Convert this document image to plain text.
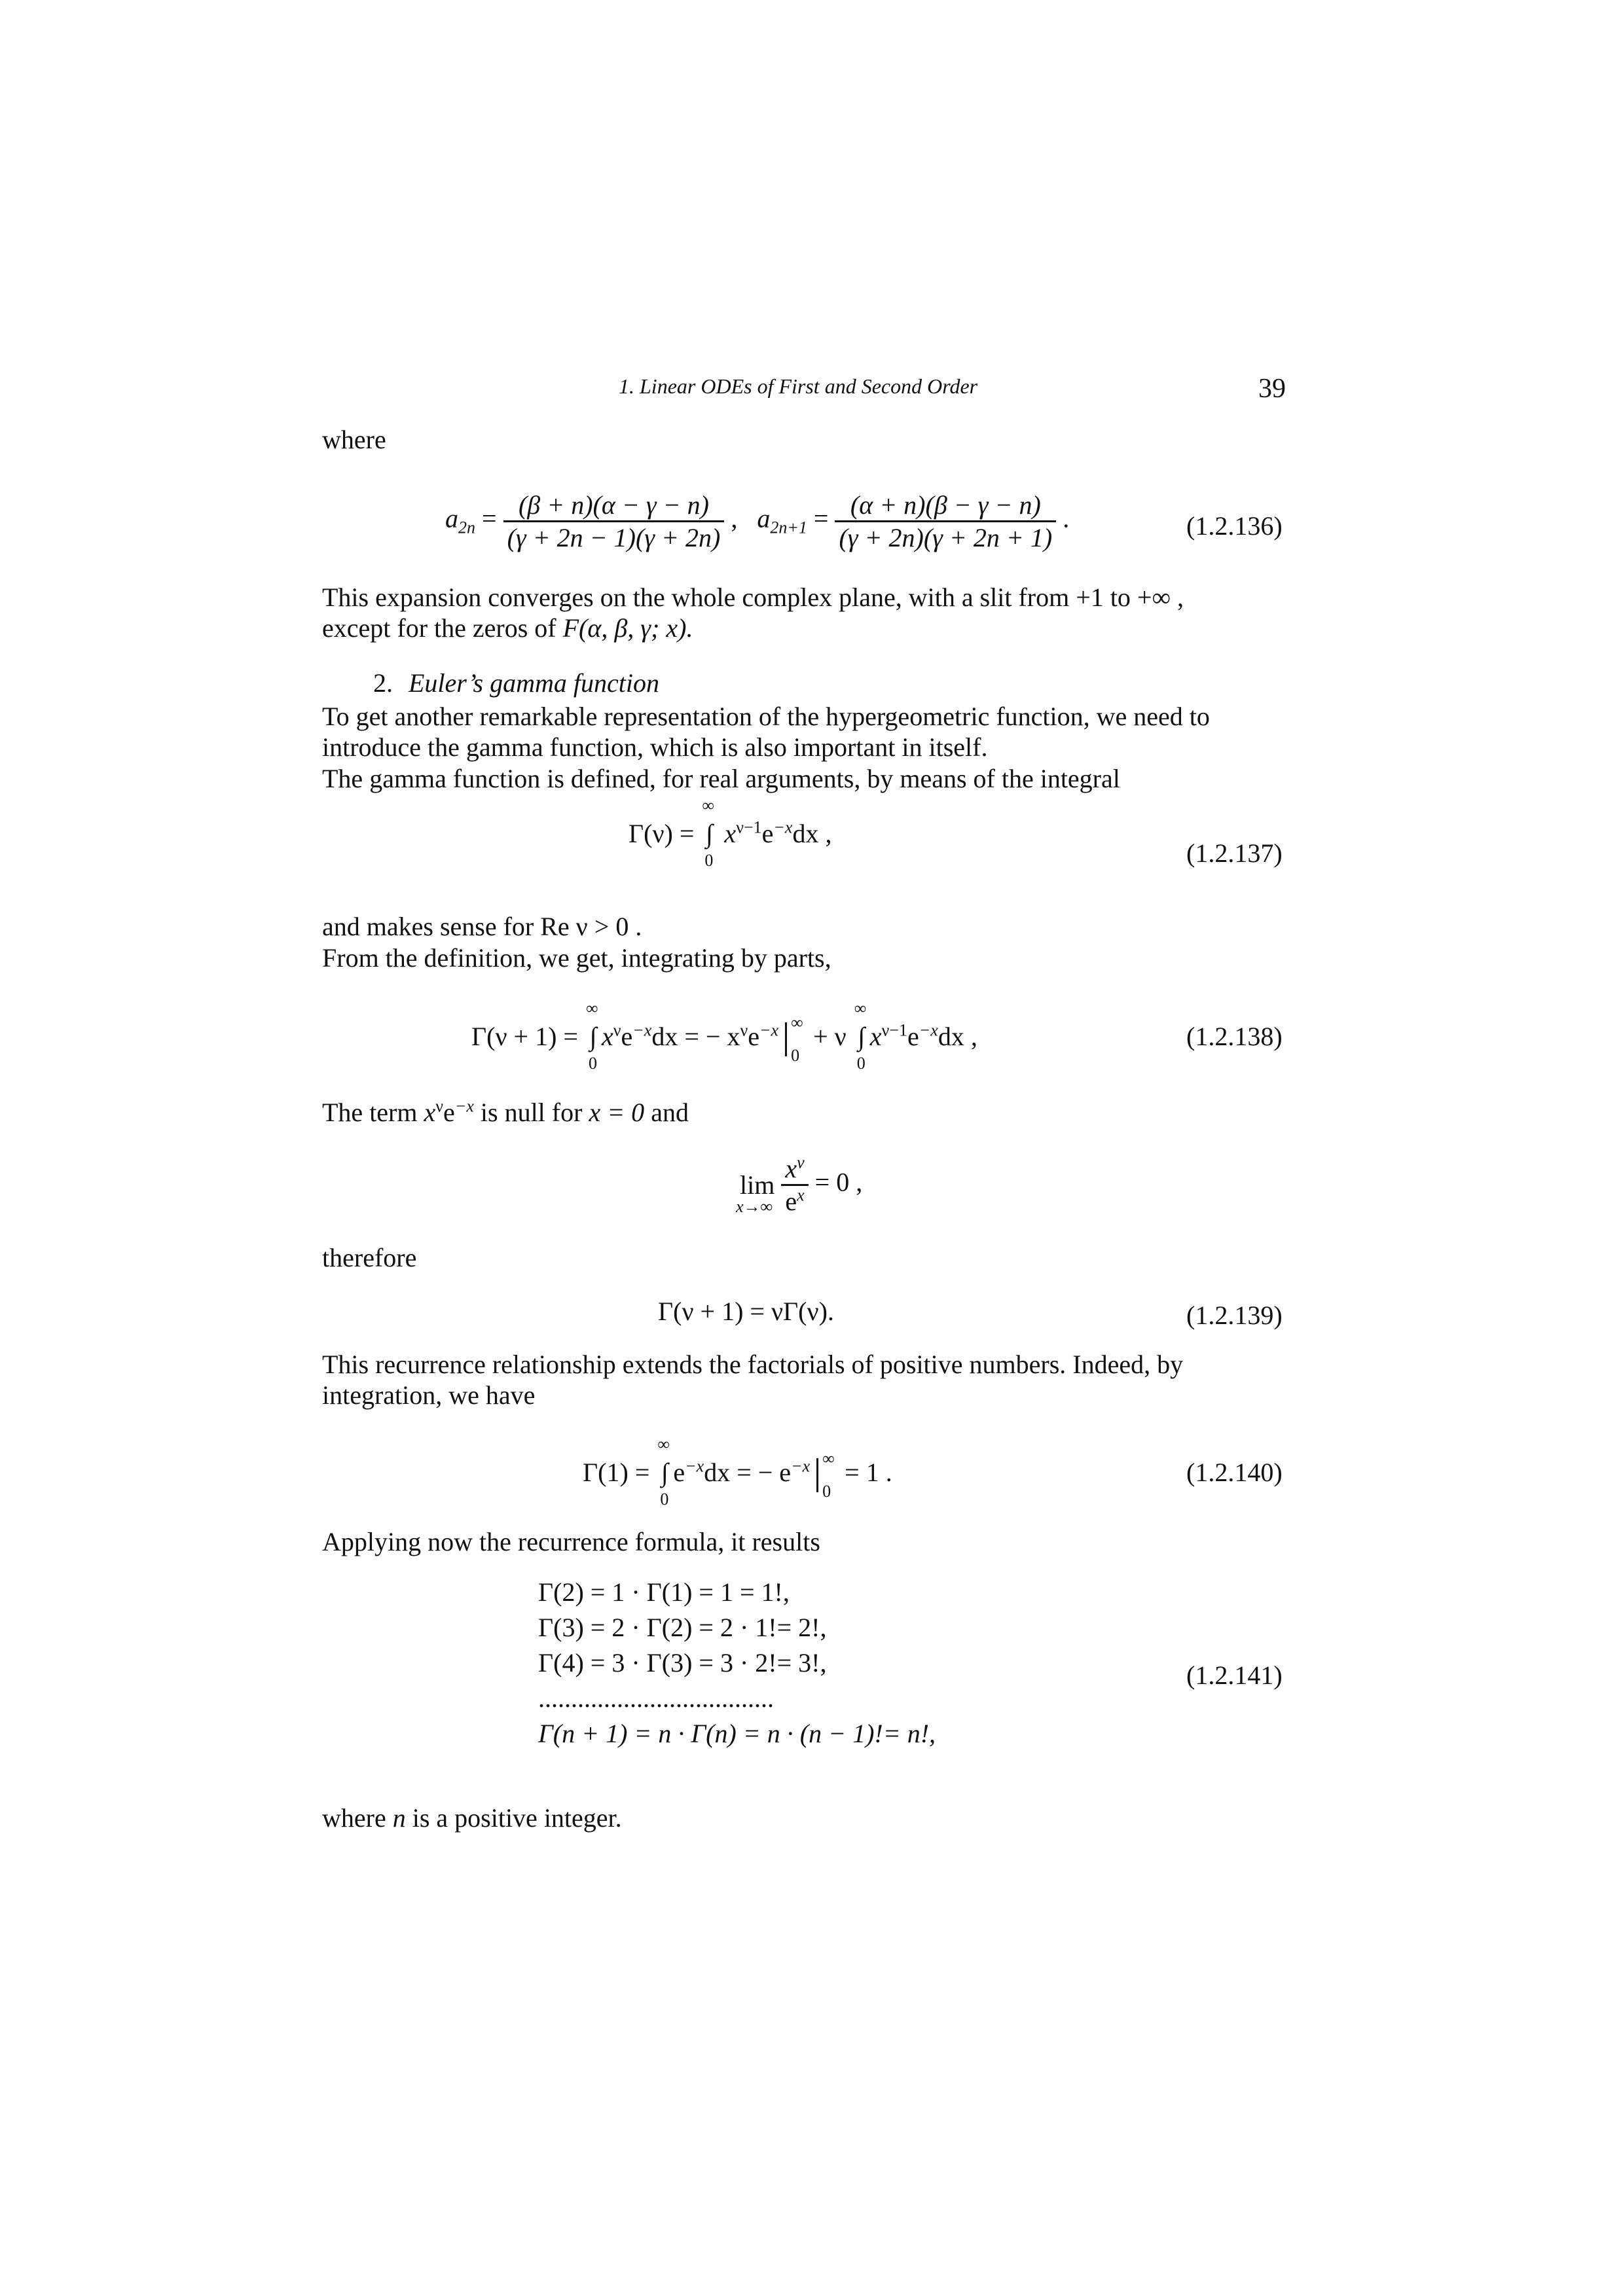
1. Linear ODEs of First and Second Order	39
where
$a_{2n} = \frac{(\beta + n)(\alpha - \gamma - n)}{(\gamma + 2n - 1)(\gamma + 2n)}$ ,   $a_{2n+1} = \frac{(\alpha + n)(\beta - \gamma - n)}{(\gamma + 2n)(\gamma + 2n + 1)}$ .	(1.2.136)
This expansion converges on the whole complex plane, with a slit from +1 to +∞ ,
except for the zeros of F(α, β, γ; x).
2. Euler’s gamma function
To get another remarkable representation of the hypergeometric function, we need to
introduce the gamma function, which is also important in itself.
The gamma function is defined, for real arguments, by means of the integral
Γ(ν) = ∫
∞
0
$x^{\nu-1}e^{-x}dx$ ,
(1.2.137)
and makes sense for Re ν > 0 .
From the definition, we get, integrating by parts,
Γ(ν + 1) = ∫
∞
0
$x^\nu e^{-x}dx$ = − $x^\nu e^{-x}$ ∞
0
+ ν ∫
∞
0
$x^{\nu-1}e^{-x}dx$ ,	(1.2.138)
The term $x^\nu e^{-x}$ is null for x = 0 and
lim
x→∞
$\frac{x^\nu}{e^x} = 0$ ,
therefore
Γ(ν + 1) = νΓ(ν).	(1.2.139)
This recurrence relationship extends the factorials of positive numbers. Indeed, by
integration, we have
Γ(1) = ∫
∞
0
$e^{-x}dx$ = − $e^{-x}$ ∞
0
= 1 .	(1.2.140)
Applying now the recurrence formula, it results
Γ(2) = 1 · Γ(1) = 1 = 1!,
Γ(3) = 2 · Γ(2) = 2 · 1!= 2!,
Γ(4) = 3 · Γ(3) = 3 · 2!= 3!,
....................................
Γ(n + 1) = n · Γ(n) = n · (n − 1)!= n!,
(1.2.141)
where n is a positive integer.
